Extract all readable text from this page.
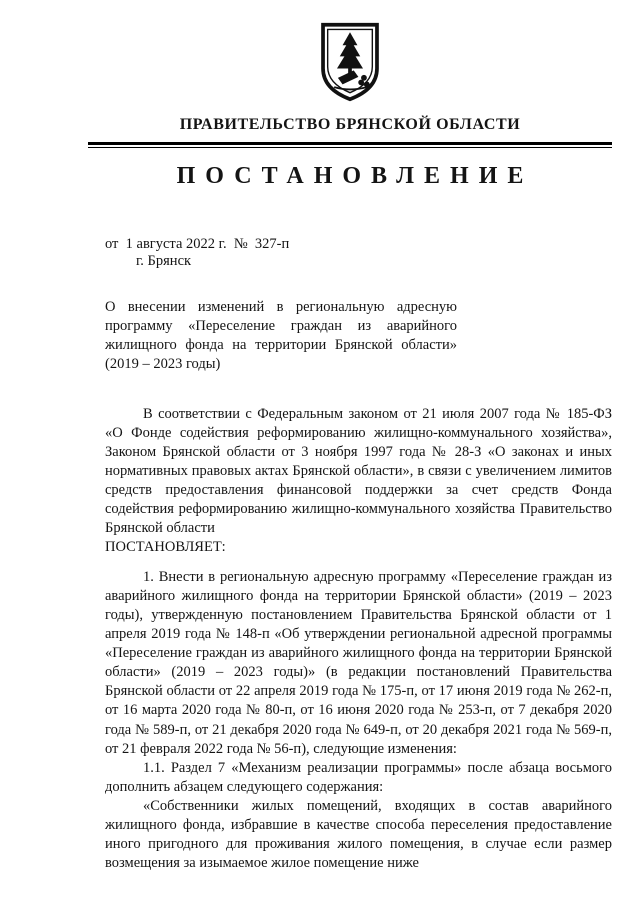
ПРАВИТЕЛЬСТВО БРЯНСКОЙ ОБЛАСТИ
ПОСТАНОВЛЕНИЕ
от  1 августа 2022 г.  №  327-п
г. Брянск

О внесении изменений в региональную адресную программу «Переселение граждан из аварийного жилищного фонда на территории Брянской области» (2019 – 2023 годы)

В соответствии с Федеральным законом от 21 июля 2007 года № 185-ФЗ «О Фонде содействия реформированию жилищно-коммунального хозяйства», Законом Брянской области от 3 ноября 1997 года № 28-З «О законах и иных нормативных правовых актах Брянской области», в связи с увеличением лимитов средств предоставления финансовой поддержки за счет средств Фонда содействия реформированию жилищно-коммунального хозяйства Правительство Брянской области

ПОСТАНОВЛЯЕТ:

1. Внести в региональную адресную программу «Переселение граждан из аварийного жилищного фонда на территории Брянской области» (2019 – 2023 годы), утвержденную постановлением Правительства Брянской области от 1 апреля 2019 года № 148-п «Об утверждении региональной адресной программы «Переселение граждан из аварийного жилищного фонда на территории Брянской области» (2019 – 2023 годы)» (в редакции постановлений Правительства Брянской области от 22 апреля 2019 года № 175-п, от 17 июня 2019 года № 262-п, от 16 марта 2020 года № 80-п, от 16 июня 2020 года № 253-п, от 7 декабря 2020 года № 589-п, от 21 декабря 2020 года № 649-п, от 20 декабря 2021 года № 569-п, от 21 февраля 2022 года № 56-п), следующие изменения:

1.1. Раздел 7 «Механизм реализации программы» после абзаца восьмого дополнить абзацем следующего содержания:

«Собственники жилых помещений, входящих в состав аварийного жилищного фонда, избравшие в качестве способа переселения предоставление иного пригодного для проживания жилого помещения, в случае если размер возмещения за изымаемое жилое помещение ниже
